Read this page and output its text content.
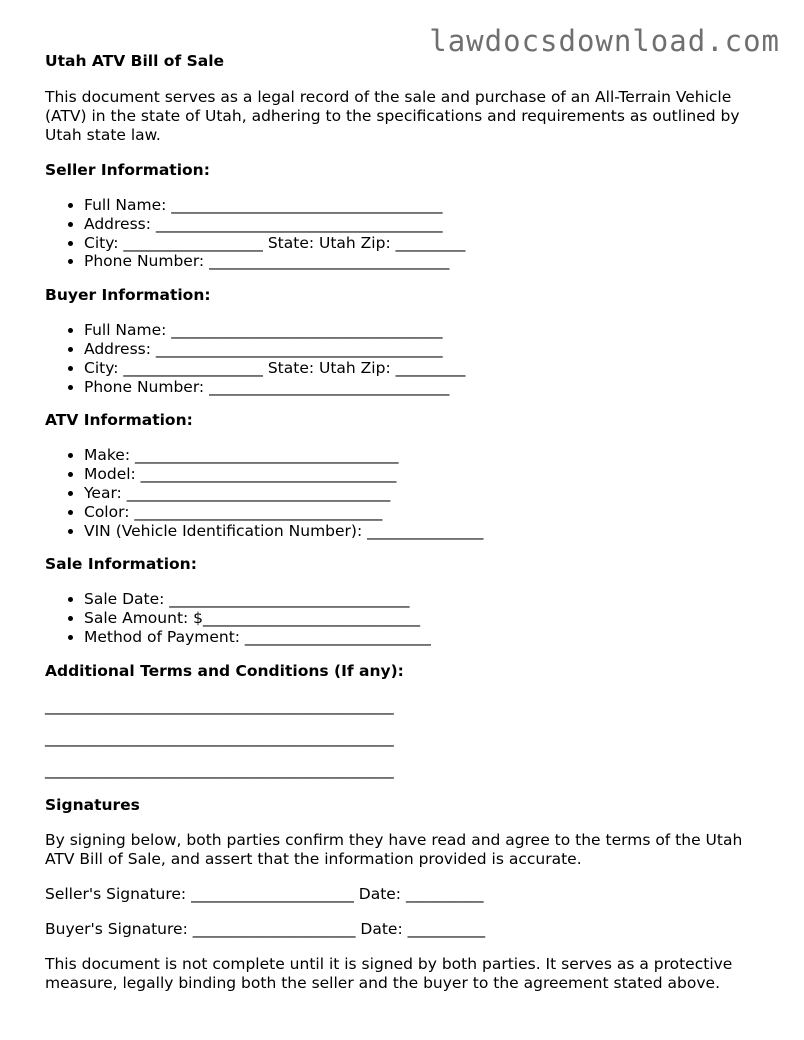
lawdocsdownload.com
Utah ATV Bill of Sale

This document serves as a legal record of the sale and purchase of an All-Terrain Vehicle (ATV) in the state of Utah, adhering to the specifications and requirements as outlined by Utah state law.

Seller Information:
• Full Name: ___________________________________
• Address: _____________________________________
• City: __________________ State: Utah Zip: _________
• Phone Number: _______________________________
Buyer Information:
• Full Name: ___________________________________
• Address: _____________________________________
• City: __________________ State: Utah Zip: _________
• Phone Number: _______________________________
ATV Information:
• Make: __________________________________
• Model: _________________________________
• Year: __________________________________
• Color: ________________________________
• VIN (Vehicle Identification Number): _______________
Sale Information:
• Sale Date: _______________________________
• Sale Amount: $____________________________
• Method of Payment: ________________________
Additional Terms and Conditions (If any):
_____________________________________________
_____________________________________________
_____________________________________________
Signatures

By signing below, both parties confirm they have read and agree to the terms of the Utah ATV Bill of Sale, and assert that the information provided is accurate.

Seller's Signature: _____________________ Date: __________
Buyer's Signature: _____________________ Date: __________

This document is not complete until it is signed by both parties. It serves as a protective measure, legally binding both the seller and the buyer to the agreement stated above.
